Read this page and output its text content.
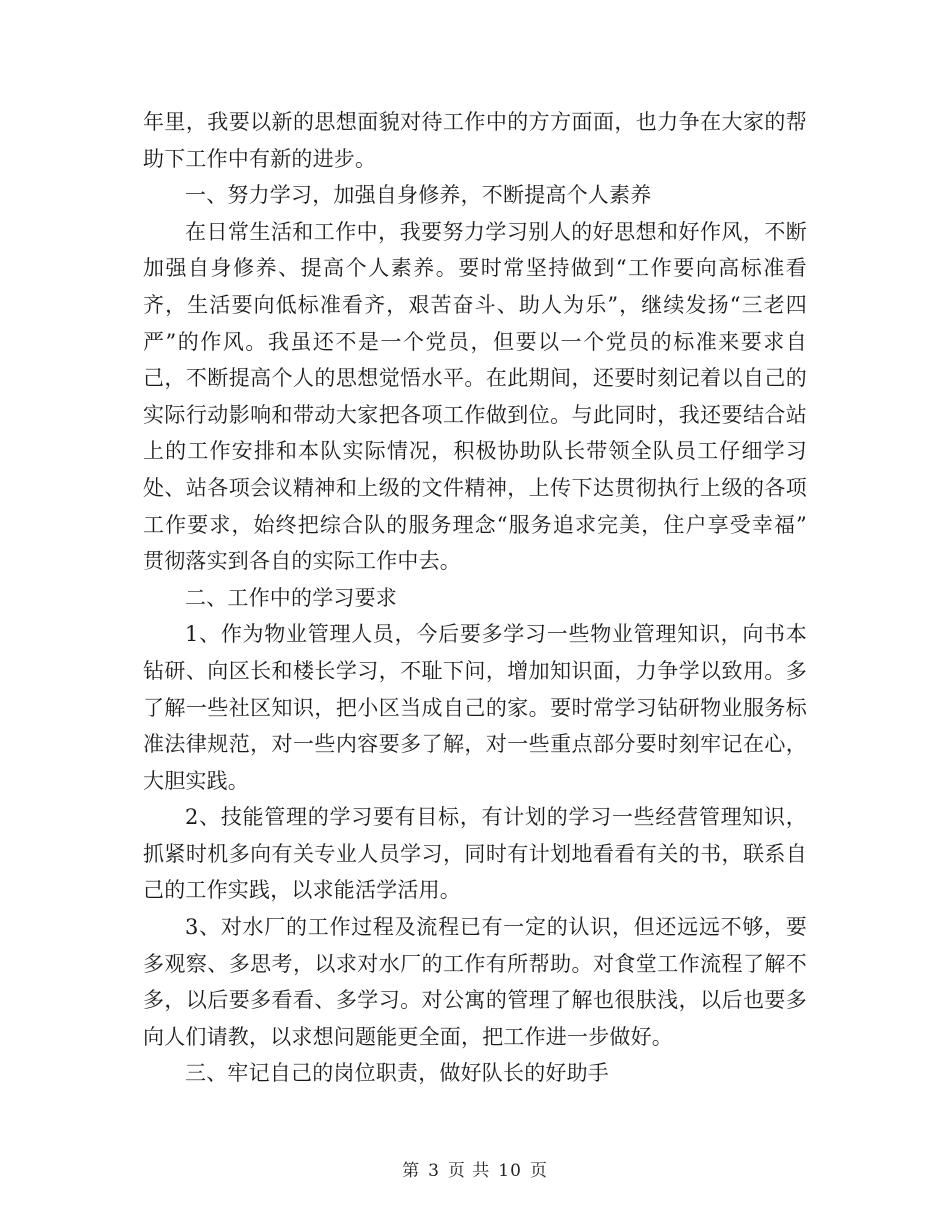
年里，我要以新的思想面貌对待工作中的方方面面，也力争在大家的帮助下工作中有新的进步。

一、努力学习，加强自身修养，不断提高个人素养

在日常生活和工作中，我要努力学习别人的好思想和好作风，不断加强自身修养、提高个人素养。要时常坚持做到“工作要向高标准看齐，生活要向低标准看齐，艰苦奋斗、助人为乐”，继续发扬“三老四严”的作风。我虽还不是一个党员，但要以一个党员的标准来要求自己，不断提高个人的思想觉悟水平。在此期间，还要时刻记着以自己的实际行动影响和带动大家把各项工作做到位。与此同时，我还要结合站上的工作安排和本队实际情况，积极协助队长带领全队员工仔细学习处、站各项会议精神和上级的文件精神，上传下达贯彻执行上级的各项工作要求，始终把综合队的服务理念“服务追求完美，住户享受幸福” 贯彻落实到各自的实际工作中去。

二、工作中的学习要求

1、作为物业管理人员，今后要多学习一些物业管理知识，向书本钻研、向区长和楼长学习，不耻下问，增加知识面，力争学以致用。多了解一些社区知识，把小区当成自己的家。要时常学习钻研物业服务标准法律规范，对一些内容要多了解，对一些重点部分要时刻牢记在心，大胆实践。

2、技能管理的学习要有目标，有计划的学习一些经营管理知识，抓紧时机多向有关专业人员学习，同时有计划地看看有关的书，联系自己的工作实践，以求能活学活用。

3、对水厂的工作过程及流程已有一定的认识，但还远远不够，要多观察、多思考，以求对水厂的工作有所帮助。对食堂工作流程了解不多，以后要多看看、多学习。对公寓的管理了解也很肤浅，以后也要多向人们请教，以求想问题能更全面，把工作进一步做好。

三、牢记自己的岗位职责，做好队长的好助手

第 3 页 共 10 页
